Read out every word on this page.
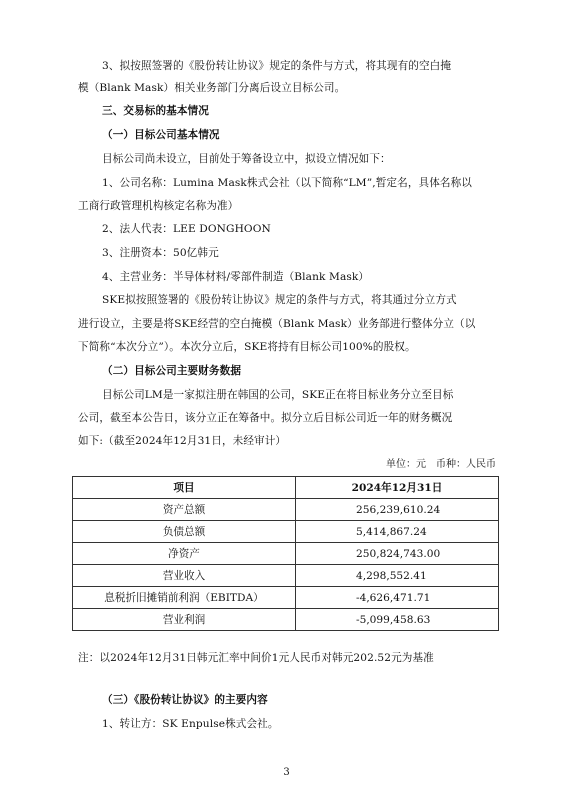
3、拟按照签署的《股份转让协议》规定的条件与方式，将其现有的空白掩
模（Blank Mask）相关业务部门分离后设立目标公司。
三、交易标的基本情况
（一）目标公司基本情况
目标公司尚未设立，目前处于筹备设立中，拟设立情况如下：
1、公司名称：Lumina Mask株式会社（以下简称“LM”,暂定名，具体名称以
工商行政管理机构核定名称为准）
2、法人代表：LEE DONGHOON
3、注册资本：50亿韩元
4、主营业务：半导体材料/零部件制造（Blank Mask）
SKE拟按照签署的《股份转让协议》规定的条件与方式，将其通过分立方式
进行设立，主要是将SKE经营的空白掩模（Blank Mask）业务部进行整体分立（以
下简称“本次分立”）。本次分立后，SKE将持有目标公司100%的股权。
（二）目标公司主要财务数据
目标公司LM是一家拟注册在韩国的公司，SKE正在将目标业务分立至目标
公司，截至本公告日，该分立正在筹备中。拟分立后目标公司近一年的财务概况
如下:（截至2024年12月31日，未经审计）
单位：元　币种：人民币
项目	2024年12月31日
资产总额	256,239,610.24
负债总额	5,414,867.24
净资产	250,824,743.00
营业收入	4,298,552.41
息税折旧摊销前利润（EBITDA）	-4,626,471.71
营业利润	-5,099,458.63
注：以2024年12月31日韩元汇率中间价1元人民币对韩元202.52元为基准
（三）《股份转让协议》的主要内容
1、转让方：SK Enpulse株式会社。
3
